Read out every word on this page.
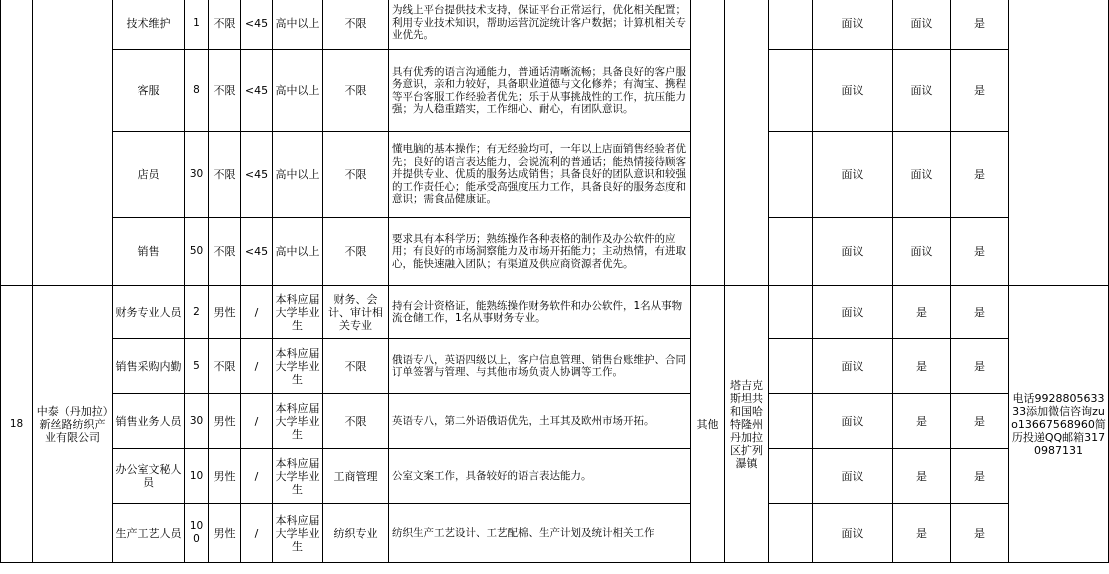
		技术维护	1	不限	<45	高中以上	不限	为线上平台提供技术支持，保证平台正常运行，优化相关配置；利用专业技术知识，帮助运营沉淀统计客户数据；计算机相关专业优先。				面议	面议	是	
		客服	8	不限	<45	高中以上	不限	具有优秀的语言沟通能力，普通话清晰流畅；具备良好的客户服务意识，亲和力较好，具备职业道德与文化修养；有淘宝、携程等平台客服工作经验者优先；乐于从事挑战性的工作，抗压能力强；为人稳重踏实，工作细心、耐心，有团队意识。				面议	面议	是	
		店员	30	不限	<45	高中以上	不限	懂电脑的基本操作；有无经验均可，一年以上店面销售经验者优先；良好的语言表达能力，会说流利的普通话；能热情接待顾客并提供专业、优质的服务达成销售；具备良好的团队意识和较强的工作责任心；能承受高强度压力工作，具备良好的服务态度和意识；需食品健康证。				面议	面议	是	
		销售	50	不限	<45	高中以上	不限	要求具有本科学历；熟练操作各种表格的制作及办公软件的应用；有良好的市场洞察能力及市场开拓能力；主动热情，有进取心，能快速融入团队；有渠道及供应商资源者优先。				面议	面议	是	
18	中泰（丹加拉）新丝路纺织产业有限公司	财务专业人员	2	男性	/	本科应届大学毕业生	财务、会计、审计相关专业	持有会计资格证，能熟练操作财务软件和办公软件，1名从事物流仓储工作，1名从事财务专业。	其他	塔吉克斯坦共和国哈特隆州丹加拉区扩列瀑镇		面议	是	是	电话992880563333添加微信咨询zuo13667568960简历投递QQ邮箱3170987131
		销售采购内勤	5	不限	/	本科应届大学毕业生	不限	俄语专八，英语四级以上，客户信息管理、销售台账维护、合同订单签署与管理、与其他市场负责人协调等工作。				面议	是	是	
		销售业务人员	30	男性	/	本科应届大学毕业生	不限	英语专八，第二外语俄语优先，土耳其及欧州市场开拓。				面议	是	是	
		办公室文秘人员	10	男性	/	本科应届大学毕业生	工商管理	公室文案工作，具备较好的语言表达能力。				面议	是	是	
		生产工艺人员	100	男性	/	本科应届大学毕业生	纺织专业	纺织生产工艺设计、工艺配棉、生产计划及统计相关工作				面议	是	是	
